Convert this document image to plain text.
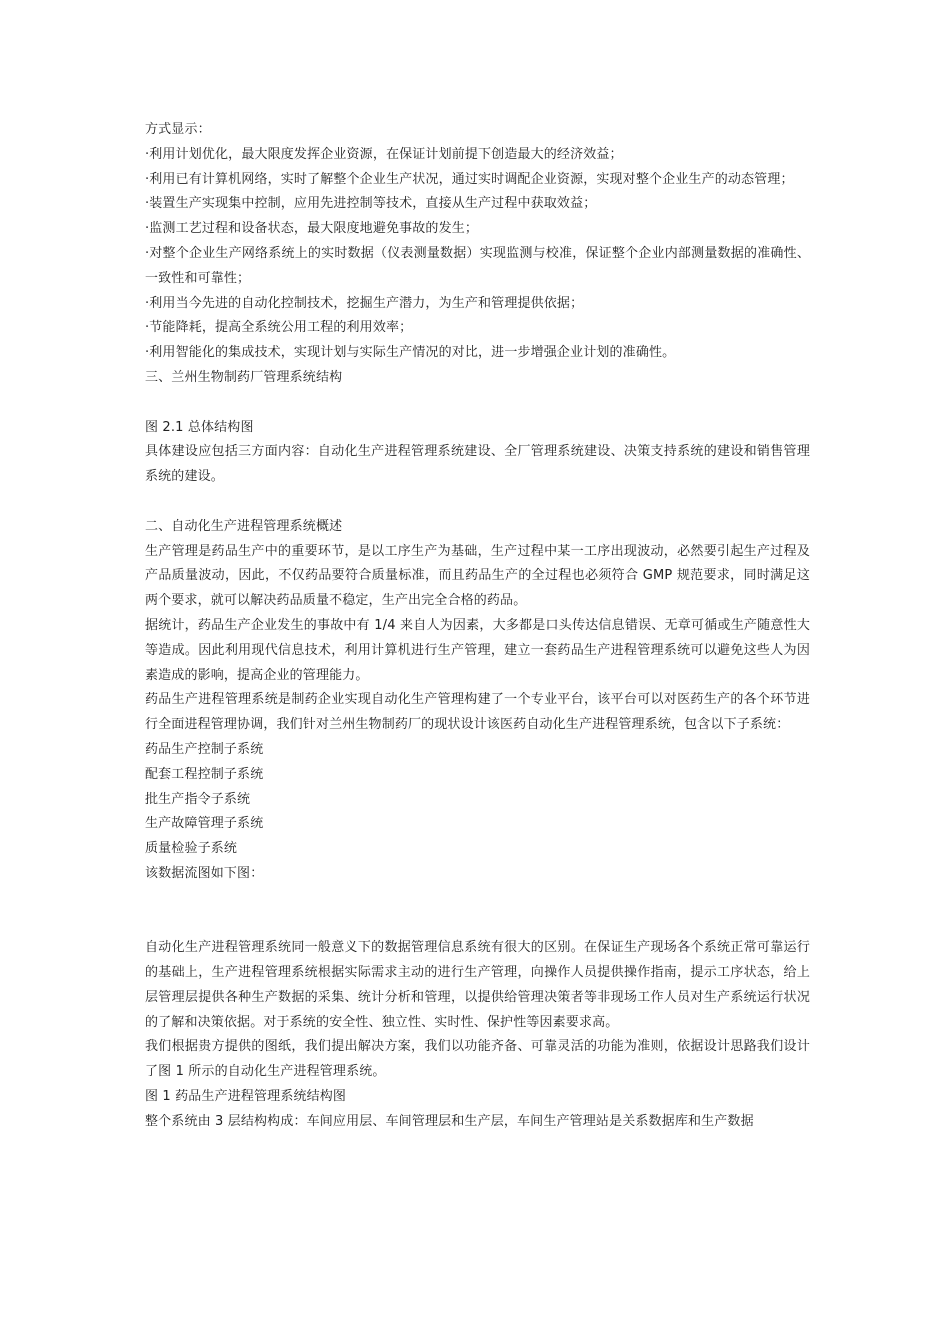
方式显示：

·利用计划优化，最大限度发挥企业资源，在保证计划前提下创造最大的经济效益；

·利用已有计算机网络，实时了解整个企业生产状况，通过实时调配企业资源，实现对整个企业生产的动态管理；

·装置生产实现集中控制，应用先进控制等技术，直接从生产过程中获取效益；

·监测工艺过程和设备状态，最大限度地避免事故的发生；

·对整个企业生产网络系统上的实时数据（仪表测量数据）实现监测与校准，保证整个企业内部测量数据的准确性、一致性和可靠性；

·利用当今先进的自动化控制技术，挖掘生产潜力，为生产和管理提供依据；

·节能降耗，提高全系统公用工程的利用效率；

·利用智能化的集成技术，实现计划与实际生产情况的对比，进一步增强企业计划的准确性。

三、兰州生物制药厂管理系统结构

图 2.1 总体结构图

具体建设应包括三方面内容：自动化生产进程管理系统建设、全厂管理系统建设、决策支持系统的建设和销售管理系统的建设。

二、自动化生产进程管理系统概述

生产管理是药品生产中的重要环节，是以工序生产为基础，生产过程中某一工序出现波动，必然要引起生产过程及产品质量波动，因此，不仅药品要符合质量标准，而且药品生产的全过程也必须符合 GMP 规范要求，同时满足这两个要求，就可以解决药品质量不稳定，生产出完全合格的药品。

据统计，药品生产企业发生的事故中有 1/4 来自人为因素，大多都是口头传达信息错误、无章可循或生产随意性大等造成。因此利用现代信息技术，利用计算机进行生产管理，建立一套药品生产进程管理系统可以避免这些人为因素造成的影响，提高企业的管理能力。

药品生产进程管理系统是制药企业实现自动化生产管理构建了一个专业平台，该平台可以对医药生产的各个环节进行全面进程管理协调，我们针对兰州生物制药厂的现状设计该医药自动化生产进程管理系统，包含以下子系统：

药品生产控制子系统

配套工程控制子系统

批生产指令子系统

生产故障管理子系统

质量检验子系统

该数据流图如下图：

自动化生产进程管理系统同一般意义下的数据管理信息系统有很大的区别。在保证生产现场各个系统正常可靠运行的基础上，生产进程管理系统根据实际需求主动的进行生产管理，向操作人员提供操作指南，提示工序状态，给上层管理层提供各种生产数据的采集、统计分析和管理，以提供给管理决策者等非现场工作人员对生产系统运行状况的了解和决策依据。对于系统的安全性、独立性、实时性、保护性等因素要求高。

我们根据贵方提供的图纸，我们提出解决方案，我们以功能齐备、可靠灵活的功能为准则，依据设计思路我们设计了图 1 所示的自动化生产进程管理系统。

图 1 药品生产进程管理系统结构图

整个系统由 3 层结构构成：车间应用层、车间管理层和生产层，车间生产管理站是关系数据库和生产数据
